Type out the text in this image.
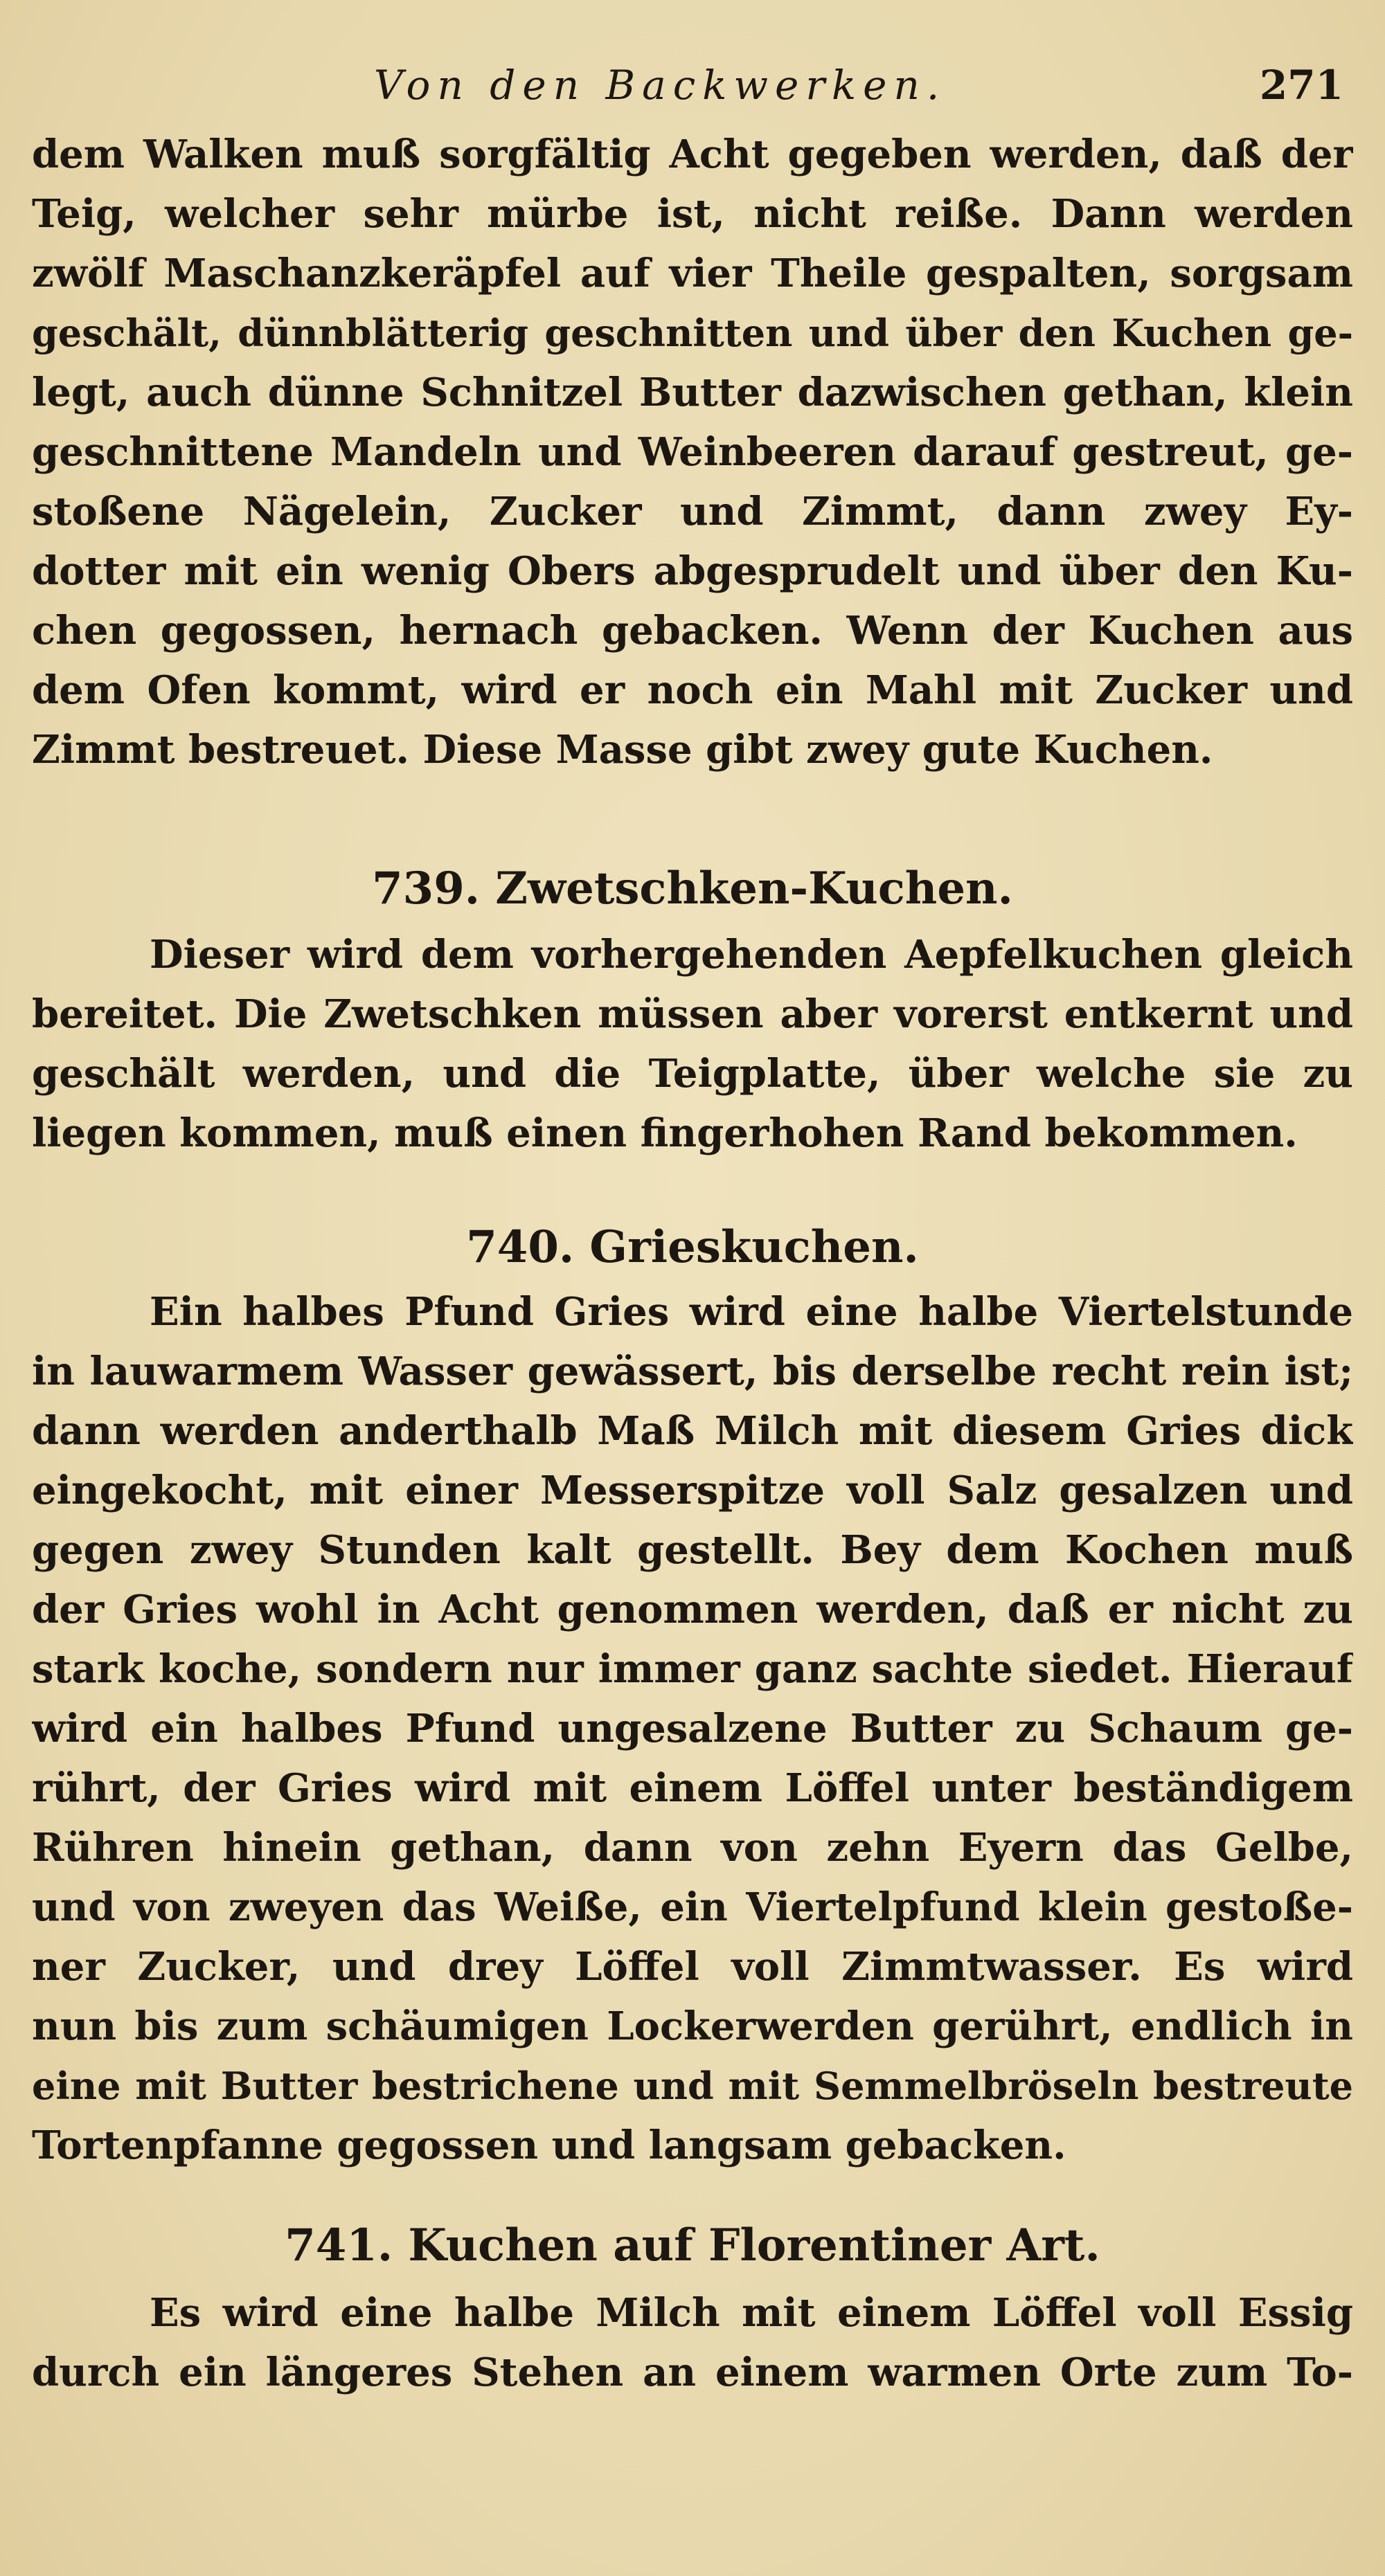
Von den Backwerken.	271
dem Walken muß sorgfältig Acht gegeben werden, daß der
Teig, welcher sehr mürbe ist, nicht reiße. Dann werden
zwölf Maschanzkeräpfel auf vier Theile gespalten, sorgsam
geschält, dünnblätterig geschnitten und über den Kuchen ge-
legt, auch dünne Schnitzel Butter dazwischen gethan, klein
geschnittene Mandeln und Weinbeeren darauf gestreut, ge-
stoßene Nägelein, Zucker und Zimmt, dann zwey Ey-
dotter mit ein wenig Obers abgesprudelt und über den Ku-
chen gegossen, hernach gebacken. Wenn der Kuchen aus
dem Ofen kommt, wird er noch ein Mahl mit Zucker und
Zimmt bestreuet. Diese Masse gibt zwey gute Kuchen.
739. Zwetschken-Kuchen.
Dieser wird dem vorhergehenden Aepfelkuchen gleich
bereitet. Die Zwetschken müssen aber vorerst entkernt und
geschält werden, und die Teigplatte, über welche sie zu
liegen kommen, muß einen fingerhohen Rand bekommen.
740. Grieskuchen.
Ein halbes Pfund Gries wird eine halbe Viertelstunde
in lauwarmem Wasser gewässert, bis derselbe recht rein ist;
dann werden anderthalb Maß Milch mit diesem Gries dick
eingekocht, mit einer Messerspitze voll Salz gesalzen und
gegen zwey Stunden kalt gestellt. Bey dem Kochen muß
der Gries wohl in Acht genommen werden, daß er nicht zu
stark koche, sondern nur immer ganz sachte siedet. Hierauf
wird ein halbes Pfund ungesalzene Butter zu Schaum ge-
rührt, der Gries wird mit einem Löffel unter beständigem
Rühren hinein gethan, dann von zehn Eyern das Gelbe,
und von zweyen das Weiße, ein Viertelpfund klein gestoße-
ner Zucker, und drey Löffel voll Zimmtwasser. Es wird
nun bis zum schäumigen Lockerwerden gerührt, endlich in
eine mit Butter bestrichene und mit Semmelbröseln bestreute
Tortenpfanne gegossen und langsam gebacken.
741. Kuchen auf Florentiner Art.
Es wird eine halbe Milch mit einem Löffel voll Essig
durch ein längeres Stehen an einem warmen Orte zum To-
